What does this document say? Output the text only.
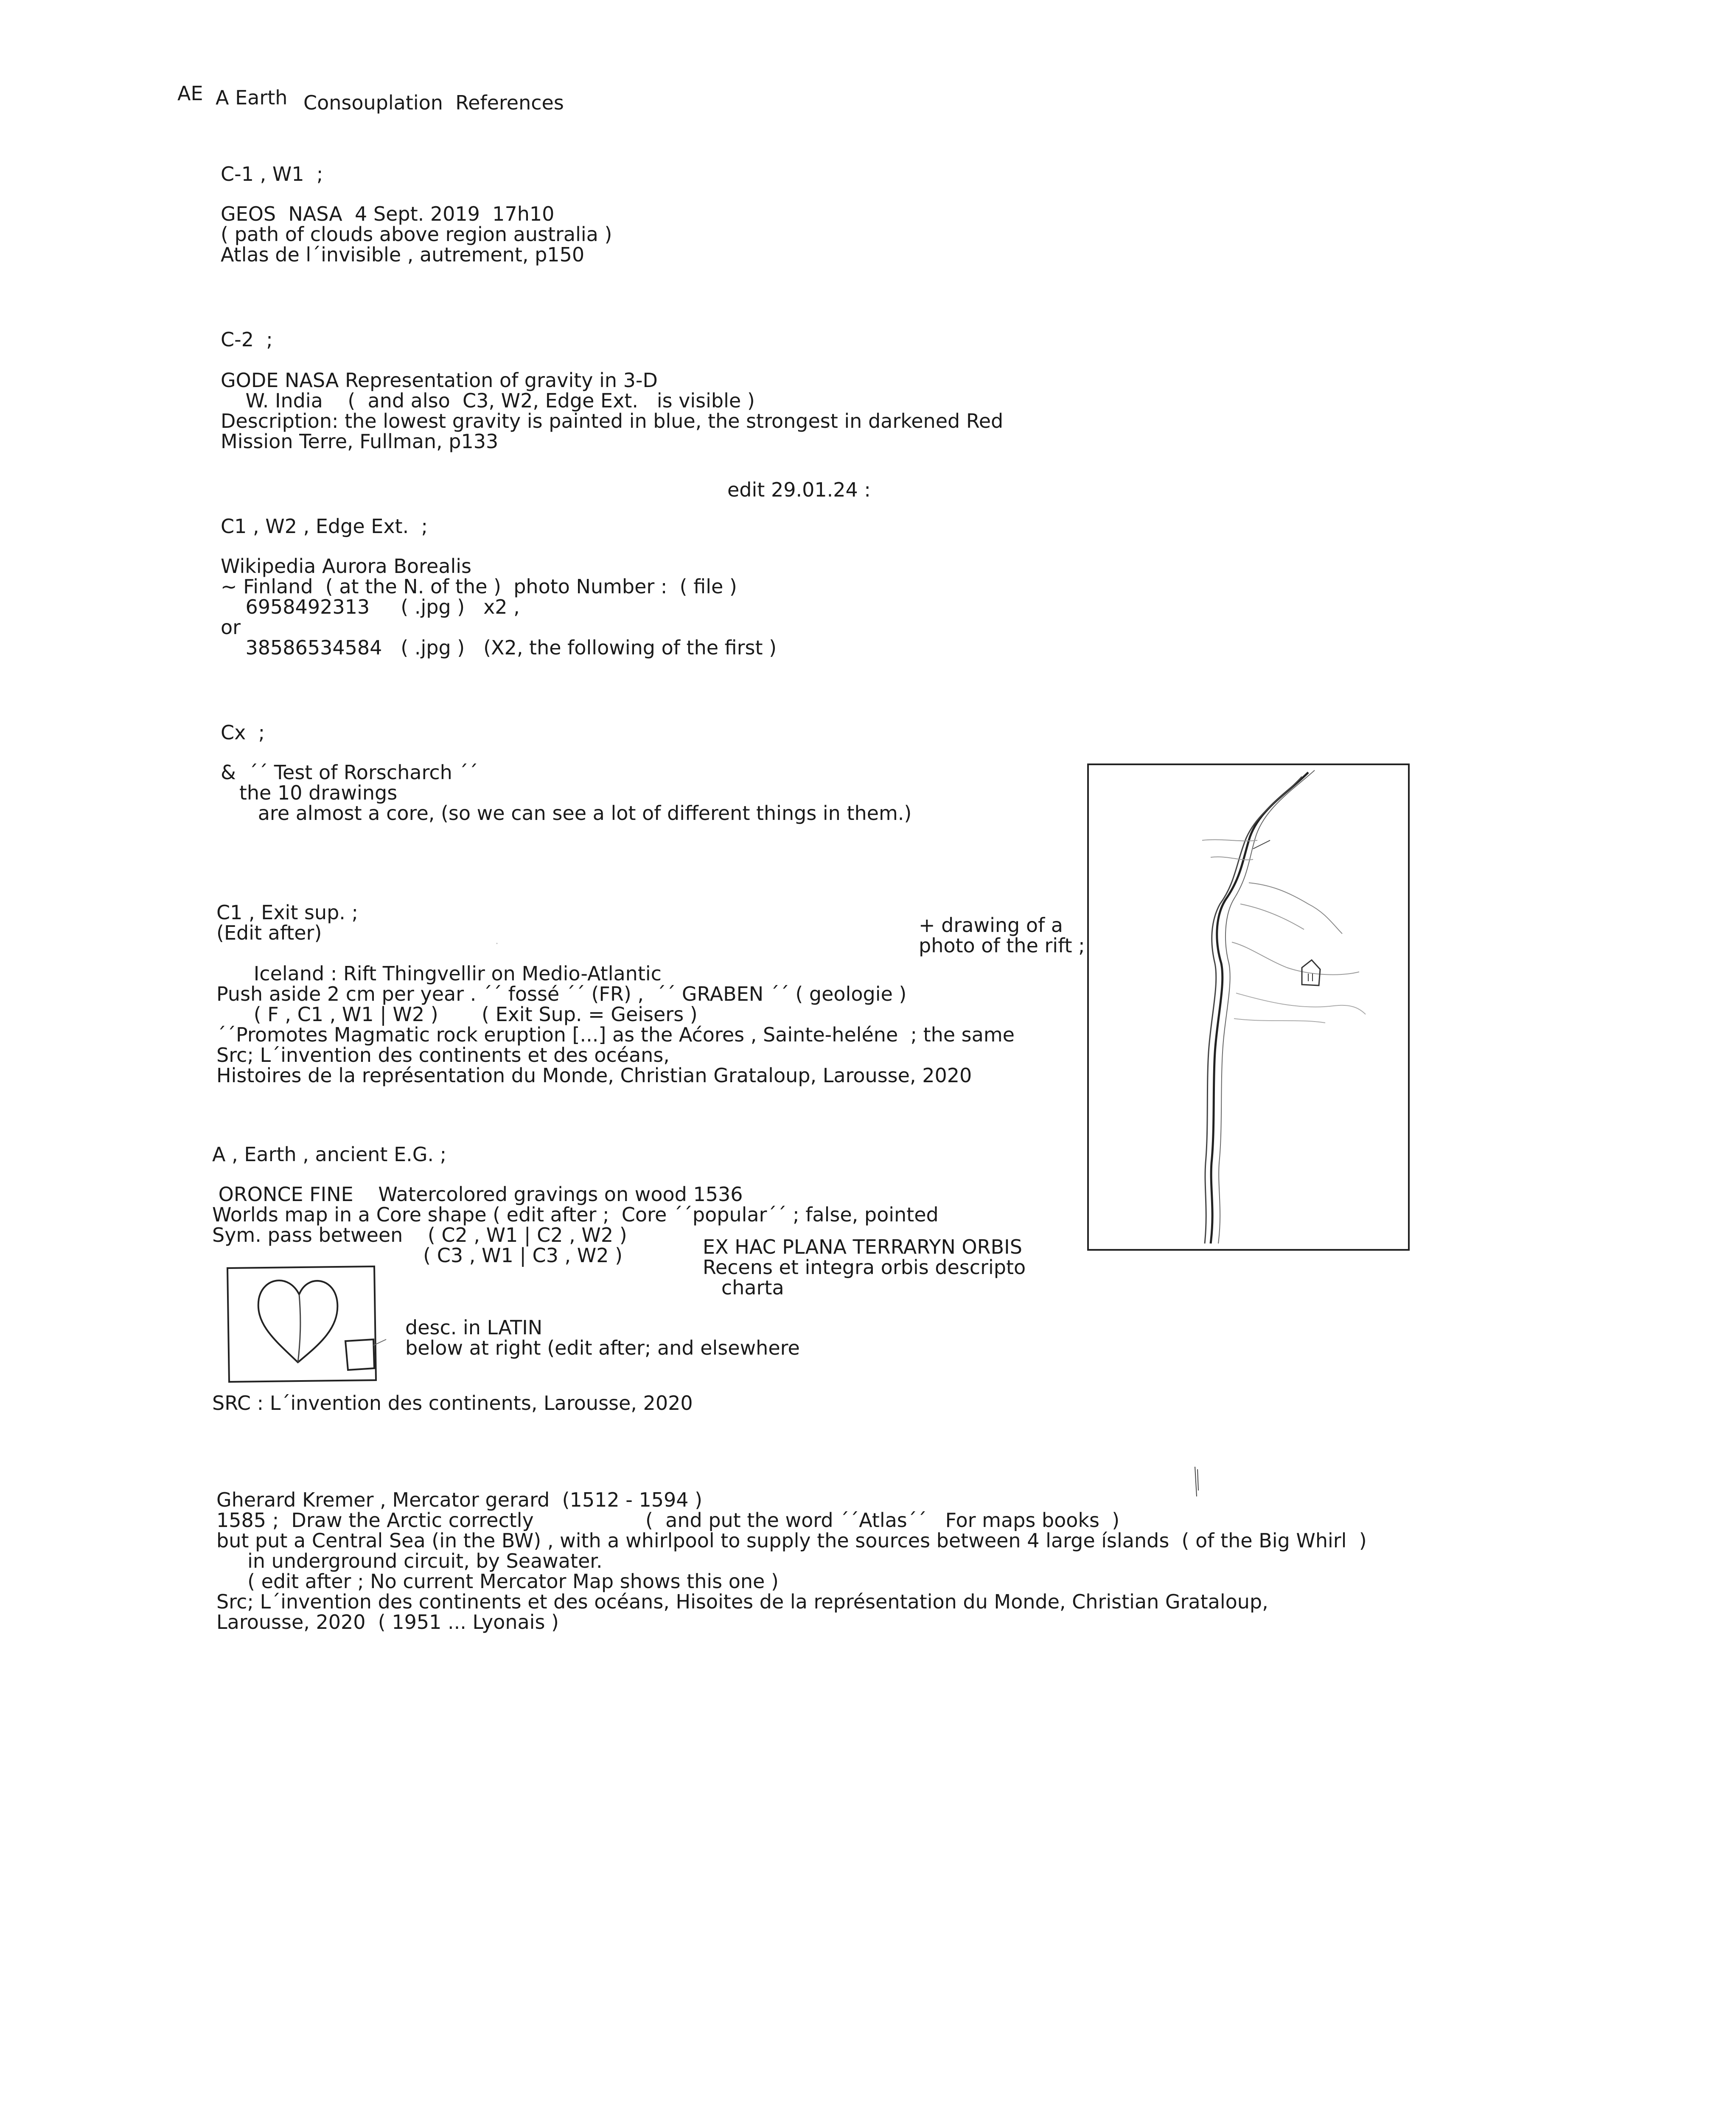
AE A Earth Consouplation  References
C-1 , W1  ;
GEOS  NASA  4 Sept. 2019  17h10
( path of clouds above region australia )
Atlas de l´invisible , autrement, p150
C-2  ;
GODE NASA Representation of gravity in 3-D
W. India    (  and also  C3, W2, Edge Ext.   is visible )
Description: the lowest gravity is painted in blue, the strongest in darkened Red
Mission Terre, Fullman, p133
edit 29.01.24 :
C1 , W2 , Edge Ext.  ;
Wikipedia Aurora Borealis
~ Finland  ( at the N. of the )  photo Number :  ( file )
6958492313     ( .jpg )   x2 ,
or
38586534584   ( .jpg )   (X2, the following of the first )
Cx  ;
&  ´´ Test of Rorscharch ´´
the 10 drawings
are almost a core, (so we can see a lot of different things in them.)
C1 , Exit sup. ;
(Edit after)	+ drawing of a
photo of the rift ;
Iceland : Rift Thingvellir on Medio-Atlantic
Push aside 2 cm per year . ´´ fossé ´´ (FR) ,  ´´ GRABEN ´´ ( geologie )
( F , C1 , W1 | W2 )       ( Exit Sup. = Geisers )
´´Promotes Magmatic rock eruption [...] as the Aćores , Sainte-heléne  ; the same
Src; L´invention des continents et des océans,
Histoires de la représentation du Monde, Christian Grataloup, Larousse, 2020
A , Earth , ancient E.G. ;
ORONCE FINE    Watercolored gravings on wood 1536
Worlds map in a Core shape ( edit after ;  Core ´´popular´´ ; false, pointed
Sym. pass between    ( C2 , W1 | C2 , W2 )
( C3 , W1 | C3 , W2 )	EX HAC PLANA TERRARYN ORBIS
Recens et integra orbis descripto
charta
desc. in LATIN
below at right (edit after; and elsewhere
SRC : L´invention des continents, Larousse, 2020
Gherard Kremer , Mercator gerard  (1512 - 1594 )
1585 ;  Draw the Arctic correctly                  (  and put the word ´´Atlas´´   For maps books  )
but put a Central Sea (in the BW) , with a whirlpool to supply the sources between 4 large íslands  ( of the Big Whirl  )
in underground circuit, by Seawater.
( edit after ; No current Mercator Map shows this one )
Src; L´invention des continents et des océans, Hisoites de la représentation du Monde, Christian Grataloup,
Larousse, 2020  ( 1951 ... Lyonais )
